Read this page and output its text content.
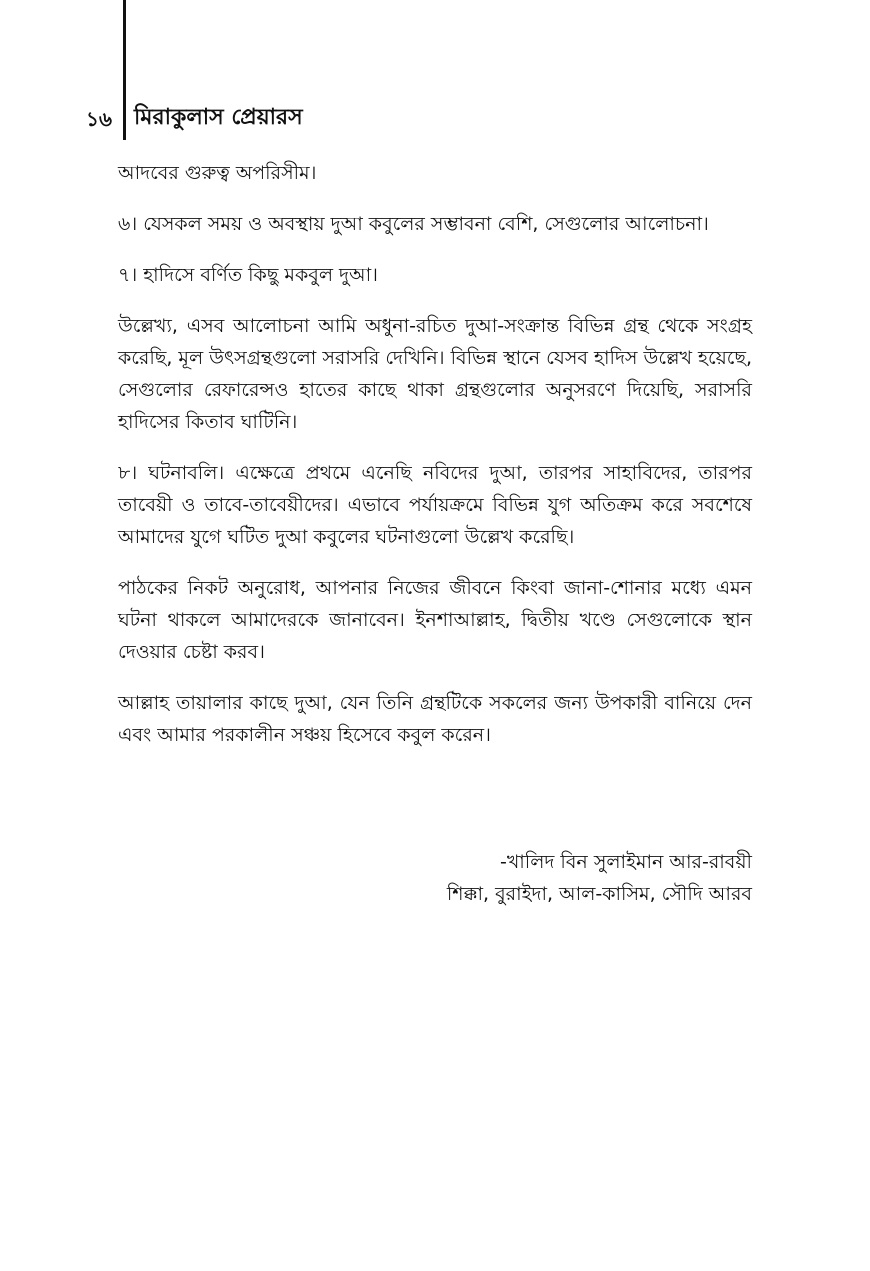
১৬ মিরাকুলাস প্রেয়ারস

আদবের গুরুত্ব অপরিসীম।

৬। যেসকল সময় ও অবস্থায় দুআ কবুলের সম্ভাবনা বেশি, সেগুলোর আলোচনা।

৭। হাদিসে বর্ণিত কিছু মকবুল দুআ।

উল্লেখ্য, এসব আলোচনা আমি অধুনা-রচিত দুআ-সংক্রান্ত বিভিন্ন গ্রন্থ থেকে সংগ্রহ করেছি, মূল উৎসগ্রন্থগুলো সরাসরি দেখিনি। বিভিন্ন স্থানে যেসব হাদিস উল্লেখ হয়েছে, সেগুলোর রেফারেন্সও হাতের কাছে থাকা গ্রন্থগুলোর অনুসরণে দিয়েছি, সরাসরি হাদিসের কিতাব ঘাটিনি।

৮। ঘটনাবলি। এক্ষেত্রে প্রথমে এনেছি নবিদের দুআ, তারপর সাহাবিদের, তারপর তাবেয়ী ও তাবে-তাবেয়ীদের। এভাবে পর্যায়ক্রমে বিভিন্ন যুগ অতিক্রম করে সবশেষে আমাদের যুগে ঘটিত দুআ কবুলের ঘটনাগুলো উল্লেখ করেছি।

পাঠকের নিকট অনুরোধ, আপনার নিজের জীবনে কিংবা জানা-শোনার মধ্যে এমন ঘটনা থাকলে আমাদেরকে জানাবেন। ইনশাআল্লাহ, দ্বিতীয় খণ্ডে সেগুলোকে স্থান দেওয়ার চেষ্টা করব।

আল্লাহ তায়ালার কাছে দুআ, যেন তিনি গ্রন্থটিকে সকলের জন্য উপকারী বানিয়ে দেন এবং আমার পরকালীন সঞ্চয় হিসেবে কবুল করেন।

-খালিদ বিন সুলাইমান আর-রাবয়ী
শিক্কা, বুরাইদা, আল-কাসিম, সৌদি আরব
